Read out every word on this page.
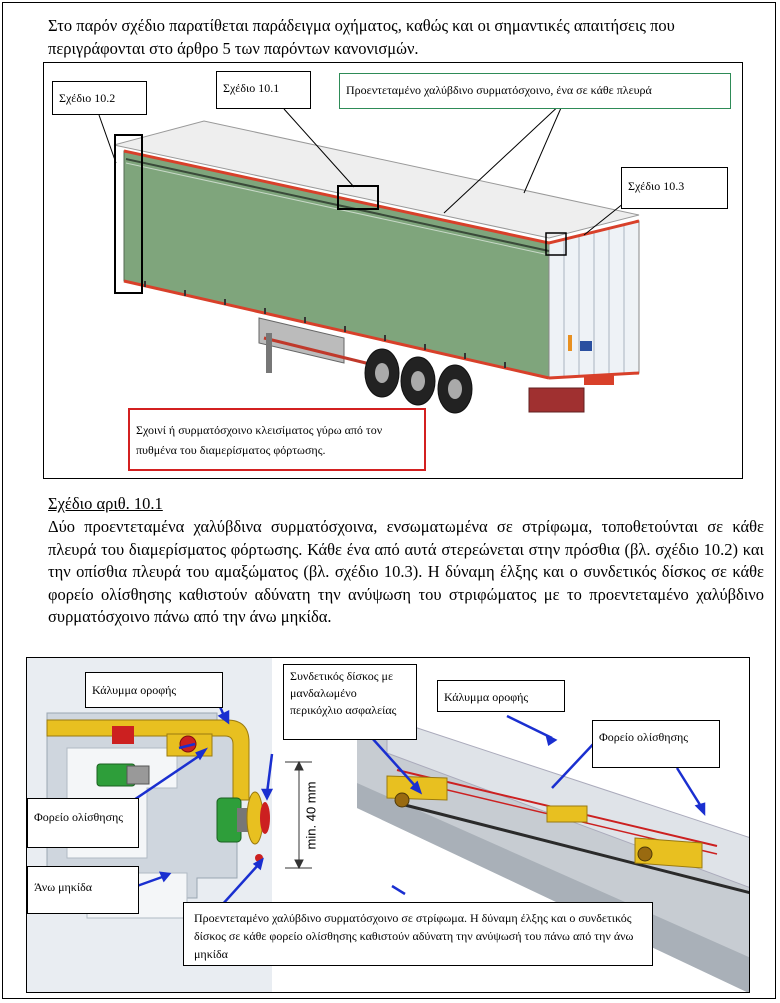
Στο παρόν σχέδιο παρατίθεται παράδειγμα οχήματος, καθώς και οι σημαντικές απαιτήσεις που περιγράφονται στο άρθρο 5 των παρόντων κανονισμών.
Σχέδιο 10.2
Σχέδιο 10.1	Προεντεταμένο χαλύβδινο συρματόσχοινο, ένα σε κάθε πλευρά
Σχέδιο 10.3
Σχοινί ή συρματόσχοινο κλεισίματος γύρω από τον πυθμένα του διαμερίσματος φόρτωσης.
Σχέδιο αριθ. 10.1
Δύο προεντεταμένα χαλύβδινα συρματόσχοινα, ενσωματωμένα σε στρίφωμα, τοποθετούνται σε κάθε πλευρά του διαμερίσματος φόρτωσης. Κάθε ένα από αυτά στερεώνεται στην πρόσθια (βλ. σχέδιο 10.2) και την οπίσθια πλευρά του αμαξώματος (βλ. σχέδιο 10.3). Η δύναμη έλξης και ο συνδετικός δίσκος σε κάθε φορείο ολίσθησης καθιστούν αδύνατη την ανύψωση του στριφώματος με το προεντεταμένο χαλύβδινο συρματόσχοινο πάνω από την άνω μηκίδα.
Κάλυμμα οροφής
Συνδετικός δίσκος με μανδαλωμένο περικόχλιο ασφαλείας
min. 40 mm
Κάλυμμα οροφής
Φορείο ολίσθησης
Φορείο ολίσθησης
Άνω μηκίδα
Προεντεταμένο χαλύβδινο συρματόσχοινο σε στρίφωμα. Η δύναμη έλξης και ο συνδετικός δίσκος σε κάθε φορείο ολίσθησης καθιστούν αδύνατη την ανύψωσή του πάνω από την άνω μηκίδα
